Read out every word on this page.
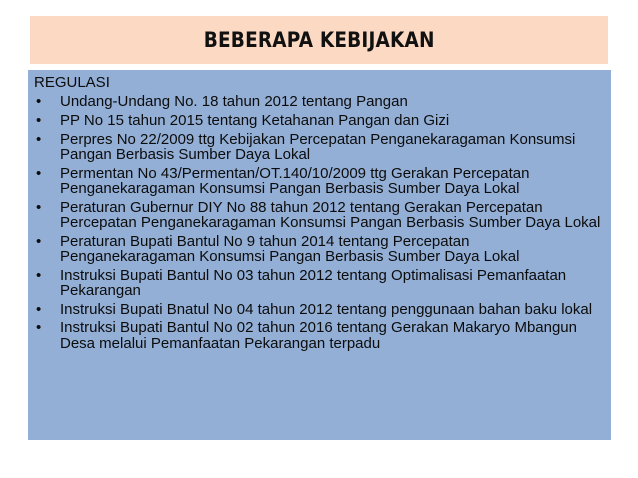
BEBERAPA KEBIJAKAN
REGULASI
• Undang-Undang No. 18 tahun 2012 tentang Pangan
• PP No 15 tahun 2015 tentang Ketahanan Pangan dan Gizi
• Perpres No 22/2009 ttg Kebijakan Percepatan Penganekaragaman Konsumsi Pangan Berbasis Sumber Daya Lokal
• Permentan No 43/Permentan/OT.140/10/2009 ttg Gerakan Percepatan Penganekaragaman Konsumsi Pangan Berbasis Sumber Daya Lokal
• Peraturan Gubernur DIY No 88 tahun 2012 tentang Gerakan Percepatan Percepatan Penganekaragaman Konsumsi Pangan Berbasis Sumber Daya Lokal
• Peraturan Bupati Bantul No 9 tahun 2014 tentang Percepatan Penganekaragaman Konsumsi Pangan Berbasis Sumber Daya Lokal
• Instruksi Bupati Bantul No 03 tahun 2012 tentang Optimalisasi Pemanfaatan Pekarangan
• Instruksi Bupati Bnatul No 04 tahun 2012 tentang penggunaan bahan baku lokal
• Instruksi Bupati Bantul No 02 tahun 2016 tentang Gerakan Makaryo Mbangun Desa melalui Pemanfaatan Pekarangan terpadu
